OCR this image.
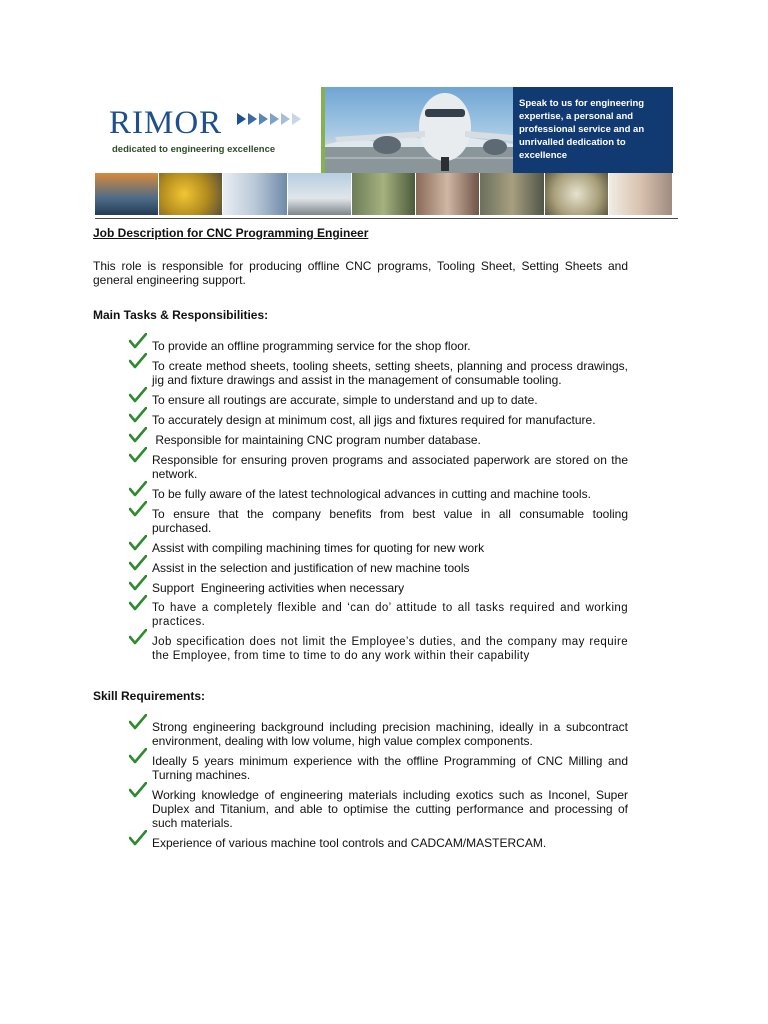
RIMOR
dedicated to engineering excellence
Speak to us for engineering expertise, a personal and professional service and an unrivalled dedication to excellence
Job Description for CNC Programming Engineer

This role is responsible for producing offline CNC programs, Tooling Sheet, Setting Sheets and general engineering support.

Main Tasks & Responsibilities:
To provide an offline programming service for the shop floor.
To create method sheets, tooling sheets, setting sheets, planning and process drawings, jig and fixture drawings and assist in the management of consumable tooling.
To ensure all routings are accurate, simple to understand and up to date.
To accurately design at minimum cost, all jigs and fixtures required for manufacture.
Responsible for maintaining CNC program number database.
Responsible for ensuring proven programs and associated paperwork are stored on the network.
To be fully aware of the latest technological advances in cutting and machine tools.
To ensure that the company benefits from best value in all consumable tooling purchased.
Assist with compiling machining times for quoting for new work
Assist in the selection and justification of new machine tools
Support  Engineering activities when necessary
To have a completely flexible and ‘can do’ attitude to all tasks required and working practices.
Job specification does not limit the Employee’s duties, and the company may require the Employee, from time to time to do any work within their capability
Skill Requirements:
Strong engineering background including precision machining, ideally in a subcontract environment, dealing with low volume, high value complex components.
Ideally 5 years minimum experience with the offline Programming of CNC Milling and Turning machines.
Working knowledge of engineering materials including exotics such as Inconel, Super Duplex and Titanium, and able to optimise the cutting performance and processing of such materials.
Experience of various machine tool controls and CADCAM/MASTERCAM.
